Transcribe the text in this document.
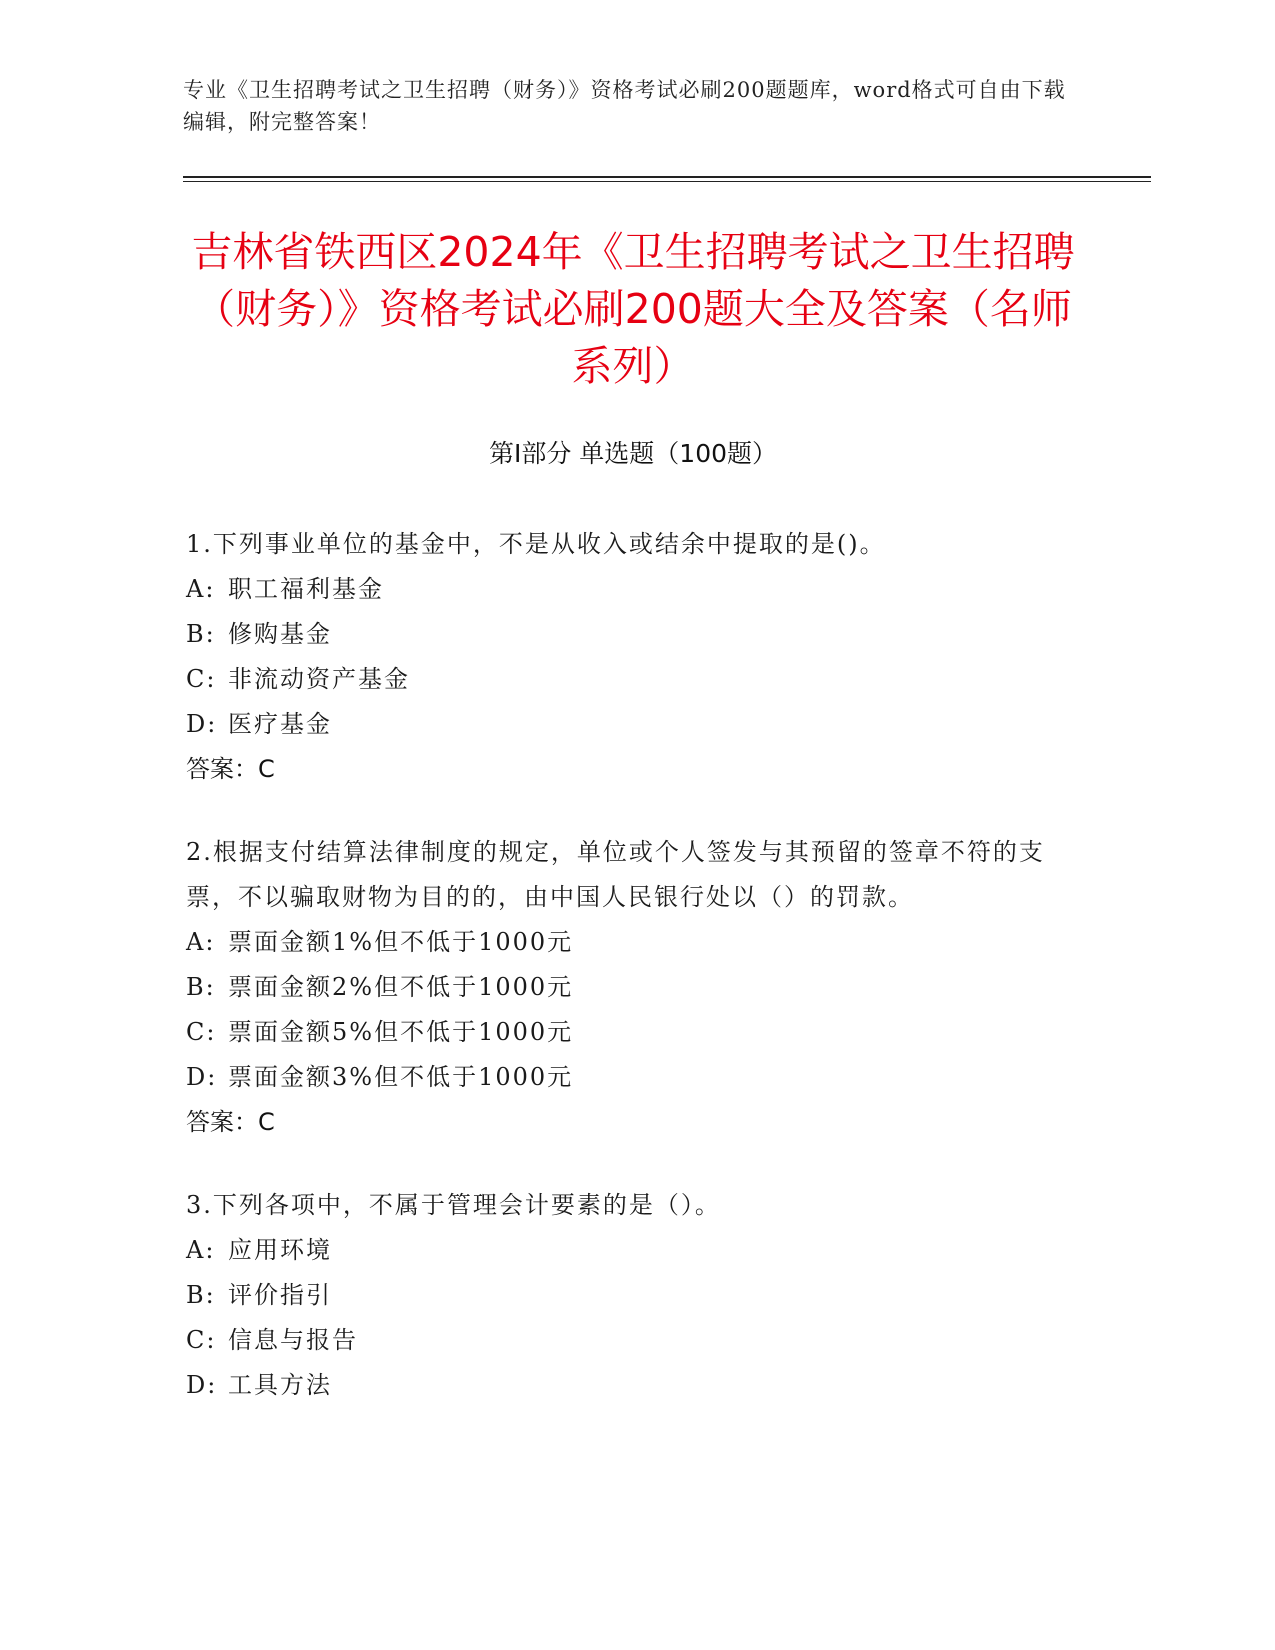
专业《卫生招聘考试之卫生招聘（财务）》资格考试必刷200题题库，word格式可自由下载编辑，附完整答案！
吉林省铁西区2024年《卫生招聘考试之卫生招聘（财务）》资格考试必刷200题大全及答案（名师系列）
第Ⅰ部分 单选题（100题）

1.下列事业单位的基金中，不是从收入或结余中提取的是()。

A: 职工福利基金

B: 修购基金

C: 非流动资产基金

D: 医疗基金

答案：C

2.根据支付结算法律制度的规定，单位或个人签发与其预留的签章不符的支票，不以骗取财物为目的的，由中国人民银行处以（）的罚款。

A: 票面金额1%但不低于1000元

B: 票面金额2%但不低于1000元

C: 票面金额5%但不低于1000元

D: 票面金额3%但不低于1000元

答案：C

3.下列各项中，不属于管理会计要素的是（）。

A: 应用环境

B: 评价指引

C: 信息与报告

D: 工具方法
